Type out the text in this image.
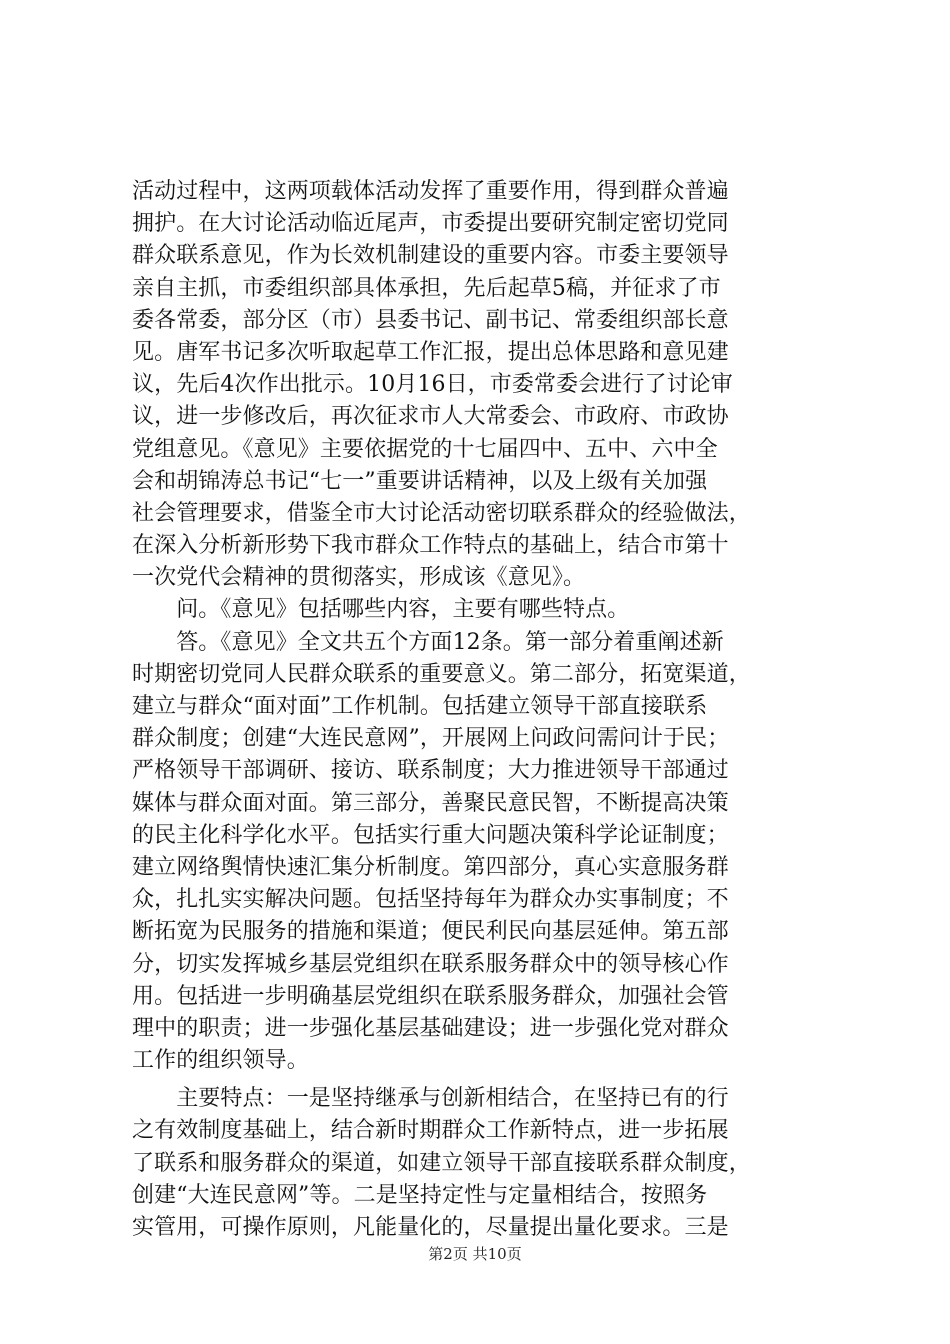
活动过程中，这两项载体活动发挥了重要作用，得到群众普遍
拥护。在大讨论活动临近尾声，市委提出要研究制定密切党同
群众联系意见，作为长效机制建设的重要内容。市委主要领导
亲自主抓，市委组织部具体承担，先后起草5稿，并征求了市
委各常委，部分区（市）县委书记、副书记、常委组织部长意
见。唐军书记多次听取起草工作汇报，提出总体思路和意见建
议，先后4次作出批示。10月16日，市委常委会进行了讨论审
议，进一步修改后，再次征求市人大常委会、市政府、市政协
党组意见。《意见》主要依据党的十七届四中、五中、六中全
会和胡锦涛总书记“七一”重要讲话精神，以及上级有关加强
社会管理要求，借鉴全市大讨论活动密切联系群众的经验做法，
在深入分析新形势下我市群众工作特点的基础上，结合市第十
一次党代会精神的贯彻落实，形成该《意见》。
　　问。《意见》包括哪些内容，主要有哪些特点。
　　答。《意见》全文共五个方面12条。第一部分着重阐述新
时期密切党同人民群众联系的重要意义。第二部分，拓宽渠道，
建立与群众“面对面”工作机制。包括建立领导干部直接联系
群众制度；创建“大连民意网”，开展网上问政问需问计于民；
严格领导干部调研、接访、联系制度；大力推进领导干部通过
媒体与群众面对面。第三部分，善聚民意民智，不断提高决策
的民主化科学化水平。包括实行重大问题决策科学论证制度；
建立网络舆情快速汇集分析制度。第四部分，真心实意服务群
众，扎扎实实解决问题。包括坚持每年为群众办实事制度；不
断拓宽为民服务的措施和渠道；便民利民向基层延伸。第五部
分，切实发挥城乡基层党组织在联系服务群众中的领导核心作
用。包括进一步明确基层党组织在联系服务群众，加强社会管
理中的职责；进一步强化基层基础建设；进一步强化党对群众
工作的组织领导。
　　主要特点：一是坚持继承与创新相结合，在坚持已有的行
之有效制度基础上，结合新时期群众工作新特点，进一步拓展
了联系和服务群众的渠道，如建立领导干部直接联系群众制度，
创建“大连民意网”等。二是坚持定性与定量相结合，按照务
实管用，可操作原则，凡能量化的，尽量提出量化要求。三是
第2页 共10页
